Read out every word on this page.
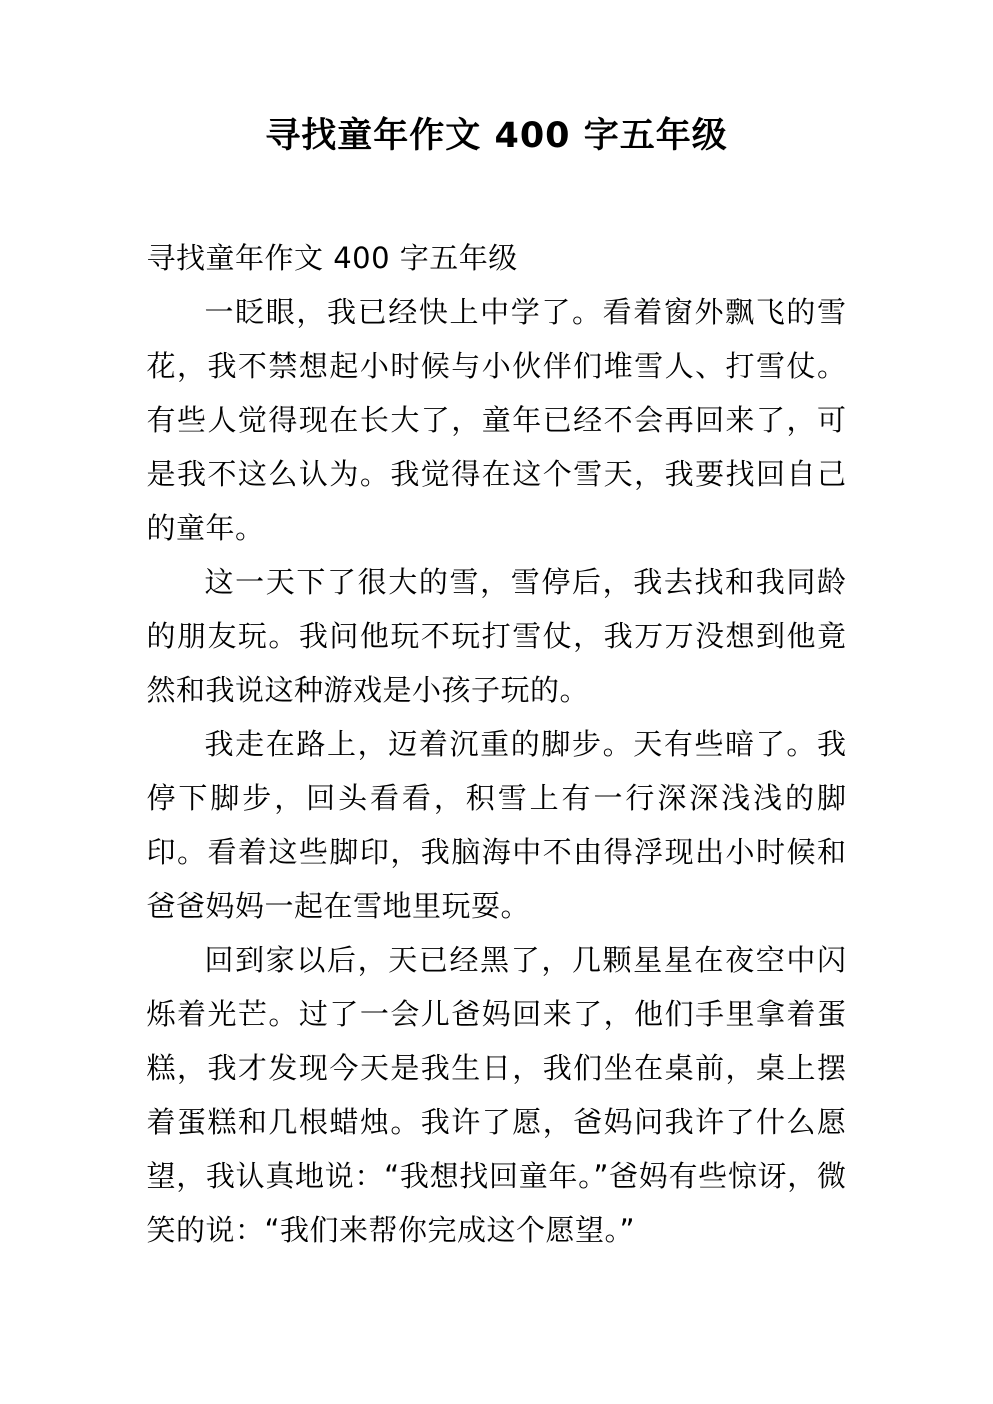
寻找童年作文 400 字五年级

寻找童年作文 400 字五年级

一眨眼，我已经快上中学了。看着窗外飘飞的雪花，我不禁想起小时候与小伙伴们堆雪人、打雪仗。有些人觉得现在长大了，童年已经不会再回来了，可是我不这么认为。我觉得在这个雪天，我要找回自己的童年。

这一天下了很大的雪，雪停后，我去找和我同龄的朋友玩。我问他玩不玩打雪仗，我万万没想到他竟然和我说这种游戏是小孩子玩的。

我走在路上，迈着沉重的脚步。天有些暗了。我停下脚步，回头看看，积雪上有一行深深浅浅的脚印。看着这些脚印，我脑海中不由得浮现出小时候和爸爸妈妈一起在雪地里玩耍。

回到家以后，天已经黑了，几颗星星在夜空中闪烁着光芒。过了一会儿爸妈回来了，他们手里拿着蛋糕，我才发现今天是我生日，我们坐在桌前，桌上摆着蛋糕和几根蜡烛。我许了愿，爸妈问我许了什么愿望，我认真地说：“我想找回童年。”爸妈有些惊讶，微笑的说：“我们来帮你完成这个愿望。”
